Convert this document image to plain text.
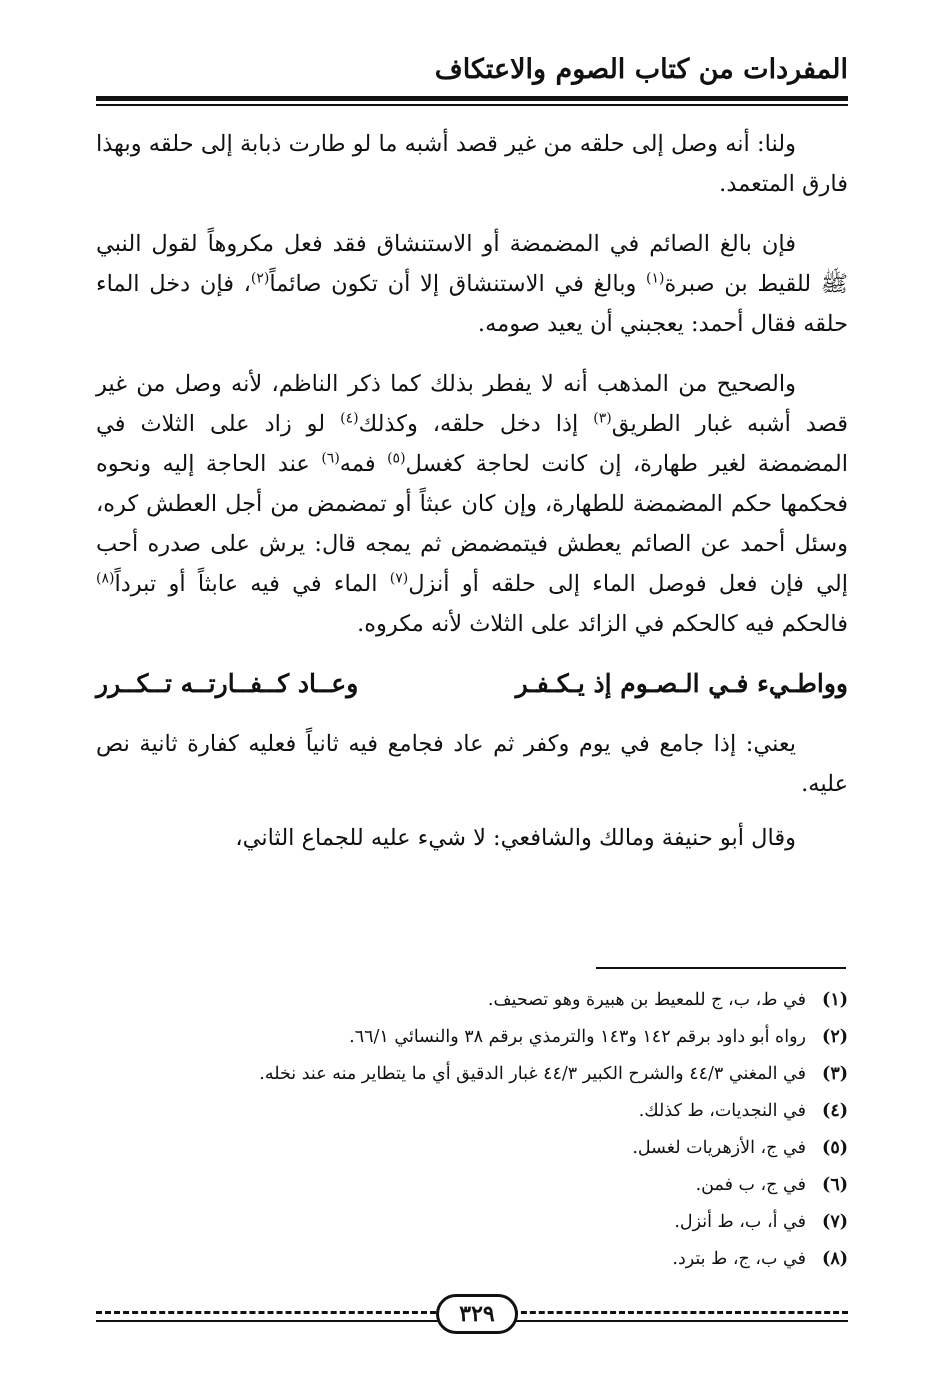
المفردات من كتاب الصوم والاعتكاف

ولنا: أنه وصل إلى حلقه من غير قصد أشبه ما لو طارت ذبابة إلى حلقه وبهذا فارق المتعمد.

فإن بالغ الصائم في المضمضة أو الاستنشاق فقد فعل مكروهاً لقول النبي ﷺ للقيط بن صبرة$^{(١)}$ وبالغ في الاستنشاق إلا أن تكون صائماً$^{(٢)}$، فإن دخل الماء حلقه فقال أحمد: يعجبني أن يعيد صومه.

والصحيح من المذهب أنه لا يفطر بذلك كما ذكر الناظم، لأنه وصل من غير قصد أشبه غبار الطريق$^{(٣)}$ إذا دخل حلقه، وكذلك$^{(٤)}$ لو زاد على الثلاث في المضمضة لغير طهارة، إن كانت لحاجة كغسل$^{(٥)}$ فمه$^{(٦)}$ عند الحاجة إليه ونحوه فحكمها حكم المضمضة للطهارة، وإن كان عبثاً أو تمضمض من أجل العطش كره، وسئل أحمد عن الصائم يعطش فيتمضمض ثم يمجه قال: يرش على صدره أحب إلي فإن فعل فوصل الماء إلى حلقه أو أنزل$^{(٧)}$ الماء في فيه عابثاً أو تبرداً$^{(٨)}$ فالحكم فيه كالحكم في الزائد على الثلاث لأنه مكروه.

وواطـيء فـي الـصـوم إذ يـكـفـر
وعــاد كــفــارتــه تــكــرر

يعني: إذا جامع في يوم وكفر ثم عاد فجامع فيه ثانياً فعليه كفارة ثانية نص عليه.

وقال أبو حنيفة ومالك والشافعي: لا شيء عليه للجماع الثاني،

(١)
في ط، ب، ج للمعيط بن هبيرة وهو تصحيف.
(٢)
رواه أبو داود برقم ١٤٢ و١٤٣ والترمذي برقم ٣٨ والنسائي ٦٦/١.
(٣)
في المغني ٤٤/٣ والشرح الكبير ٤٤/٣ غبار الدقيق أي ما يتطاير منه عند نخله.
(٤)
في النجديات، ط كذلك.
(٥)
في ج، الأزهريات لغسل.
(٦)
في ج، ب فمن.
(٧)
في أ، ب، ط أنزل.
(٨)
في ب، ج، ط بترد.
٣٢٩
